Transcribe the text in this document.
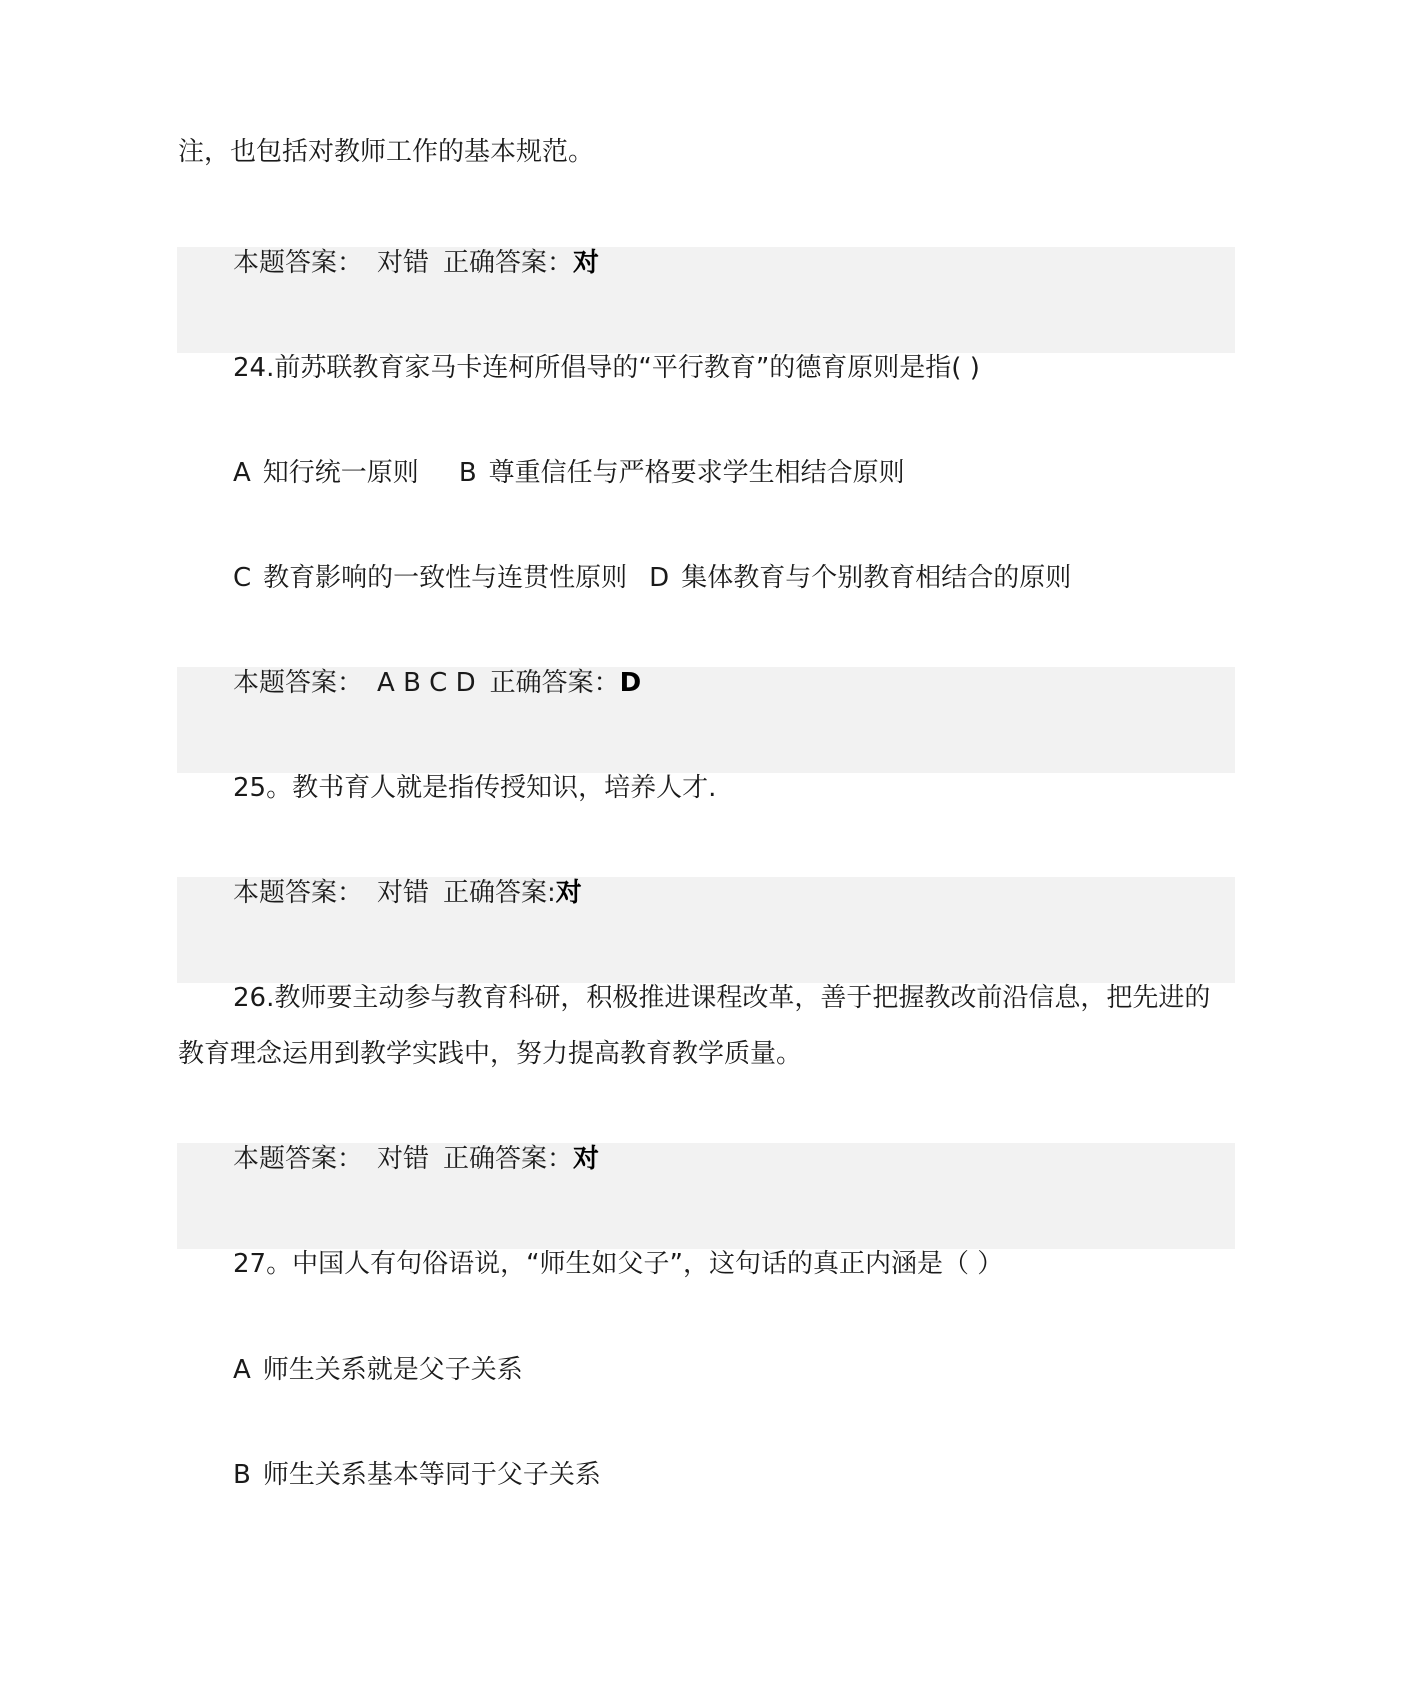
注，也包括对教师工作的基本规范。
本题答案： 对错 正确答案：对
24.前苏联教育家马卡连柯所倡导的“平行教育”的德育原则是指( )
A 知行统一原则 B 尊重信任与严格要求学生相结合原则
C 教育影响的一致性与连贯性原则 D 集体教育与个别教育相结合的原则
本题答案： A B C D 正确答案：D
25。教书育人就是指传授知识，培养人才.
本题答案： 对错 正确答案:对
26.教师要主动参与教育科研，积极推进课程改革，善于把握教改前沿信息，把先进的
教育理念运用到教学实践中，努力提高教育教学质量。
本题答案： 对错 正确答案：对
27。中国人有句俗语说，“师生如父子”，这句话的真正内涵是（ ）
A 师生关系就是父子关系
B 师生关系基本等同于父子关系
